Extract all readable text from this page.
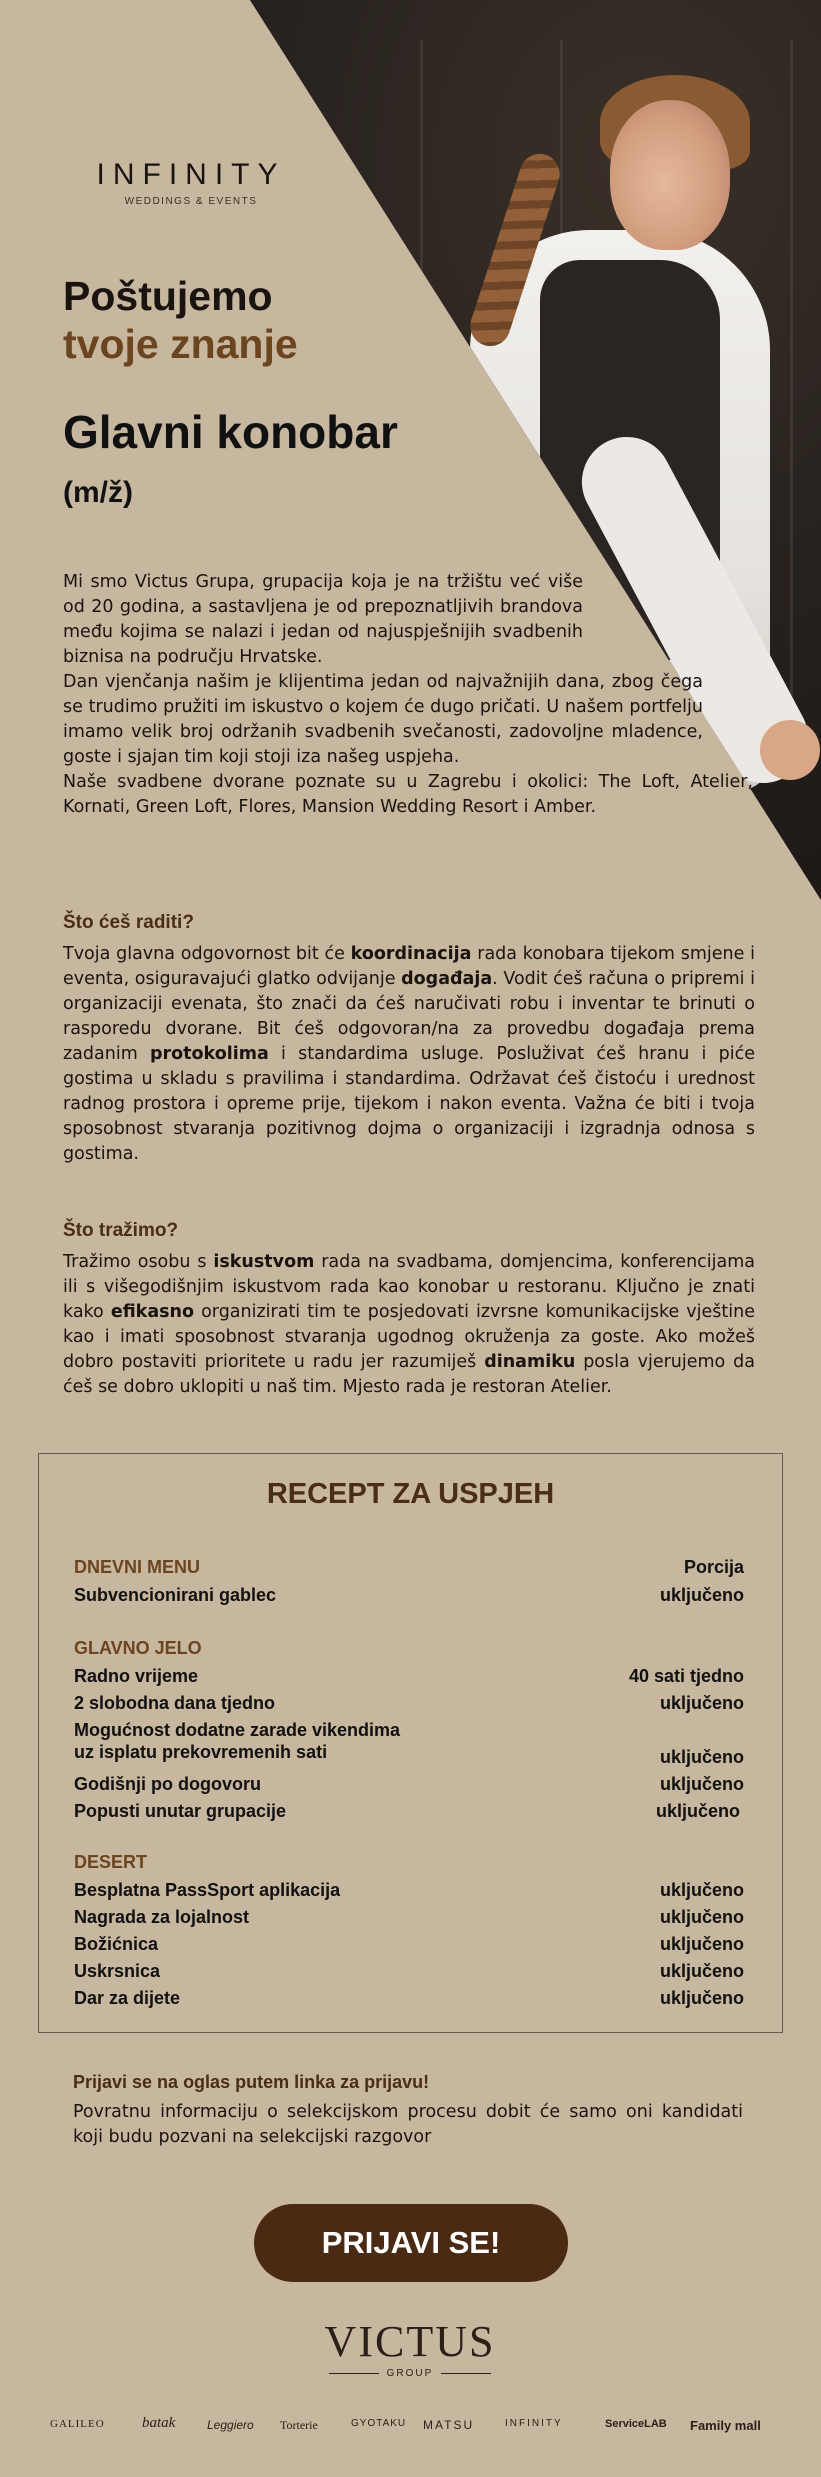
INFINITY
WEDDINGS & EVENTS
Poštujemo
tvoje znanje
Glavni konobar
(m/ž)

Mi smo Victus Grupa, grupacija koja je na tržištu već više od 20 godina, a sastavljena je od prepoznatljivih brandova među kojima se nalazi i jedan od najuspješnijih svadbenih biznisa na području Hrvatske.

Dan vjenčanja našim je klijentima jedan od najvažnijih dana, zbog čega se trudimo pružiti im iskustvo o kojem će dugo pričati. U našem portfelju imamo velik broj održanih svadbenih svečanosti, zadovoljne mladence, goste i sjajan tim koji stoji iza našeg uspjeha.

Naše svadbene dvorane poznate su u Zagrebu i okolici: The Loft, Atelier, Kornati, Green Loft, Flores, Mansion Wedding Resort i Amber.

Što ćeš raditi?

Tvoja glavna odgovornost bit će koordinacija rada konobara tijekom smjene i eventa, osiguravajući glatko odvijanje događaja. Vodit ćeš računa o pripremi i organizaciji evenata, što znači da ćeš naručivati robu i inventar te brinuti o rasporedu dvorane. Bit ćeš odgovoran/na za provedbu događaja prema zadanim protokolima i standardima usluge. Posluživat ćeš hranu i piće gostima u skladu s pravilima i standardima. Održavat ćeš čistoću i urednost radnog prostora i opreme prije, tijekom i nakon eventa. Važna će biti i tvoja sposobnost stvaranja pozitivnog dojma o organizaciji i izgradnja odnosa s gostima.

Što tražimo?

Tražimo osobu s iskustvom rada na svadbama, domjencima, konferencijama ili s višegodišnjim iskustvom rada kao konobar u restoranu. Ključno je znati kako efikasno organizirati tim te posjedovati izvrsne komunikacijske vještine kao i imati sposobnost stvaranja ugodnog okruženja za goste. Ako možeš dobro postaviti prioritete u radu jer razumiješ dinamiku posla vjerujemo da ćeš se dobro uklopiti u naš tim. Mjesto rada je restoran Atelier.

RECEPT ZA USPJEH
DNEVNI MENU	Porcija
Subvencionirani gablec	uključeno
GLAVNO JELO
Radno vrijeme	40 sati tjedno
2 slobodna dana tjedno	uključeno
Mogućnost dodatne zarade vikendima
uz isplatu prekovremenih sati	uključeno
Godišnji po dogovoru	uključeno
Popusti unutar grupacije	uključeno
DESERT
Besplatna PassSport aplikacija	uključeno
Nagrada za lojalnost	uključeno
Božićnica	uključeno
Uskrsnica	uključeno
Dar za dijete	uključeno
Prijavi se na oglas putem linka za prijavu!
Povratnu informaciju o selekcijskom procesu dobit će samo oni kandidati koji budu pozvani na selekcijski razgovor
PRIJAVI SE!
VICTUS
GROUP
GALILEO batak	Leggiero Torterie	GYOTAKU MATSU	INFINITY	ServiceLAB Family mall
